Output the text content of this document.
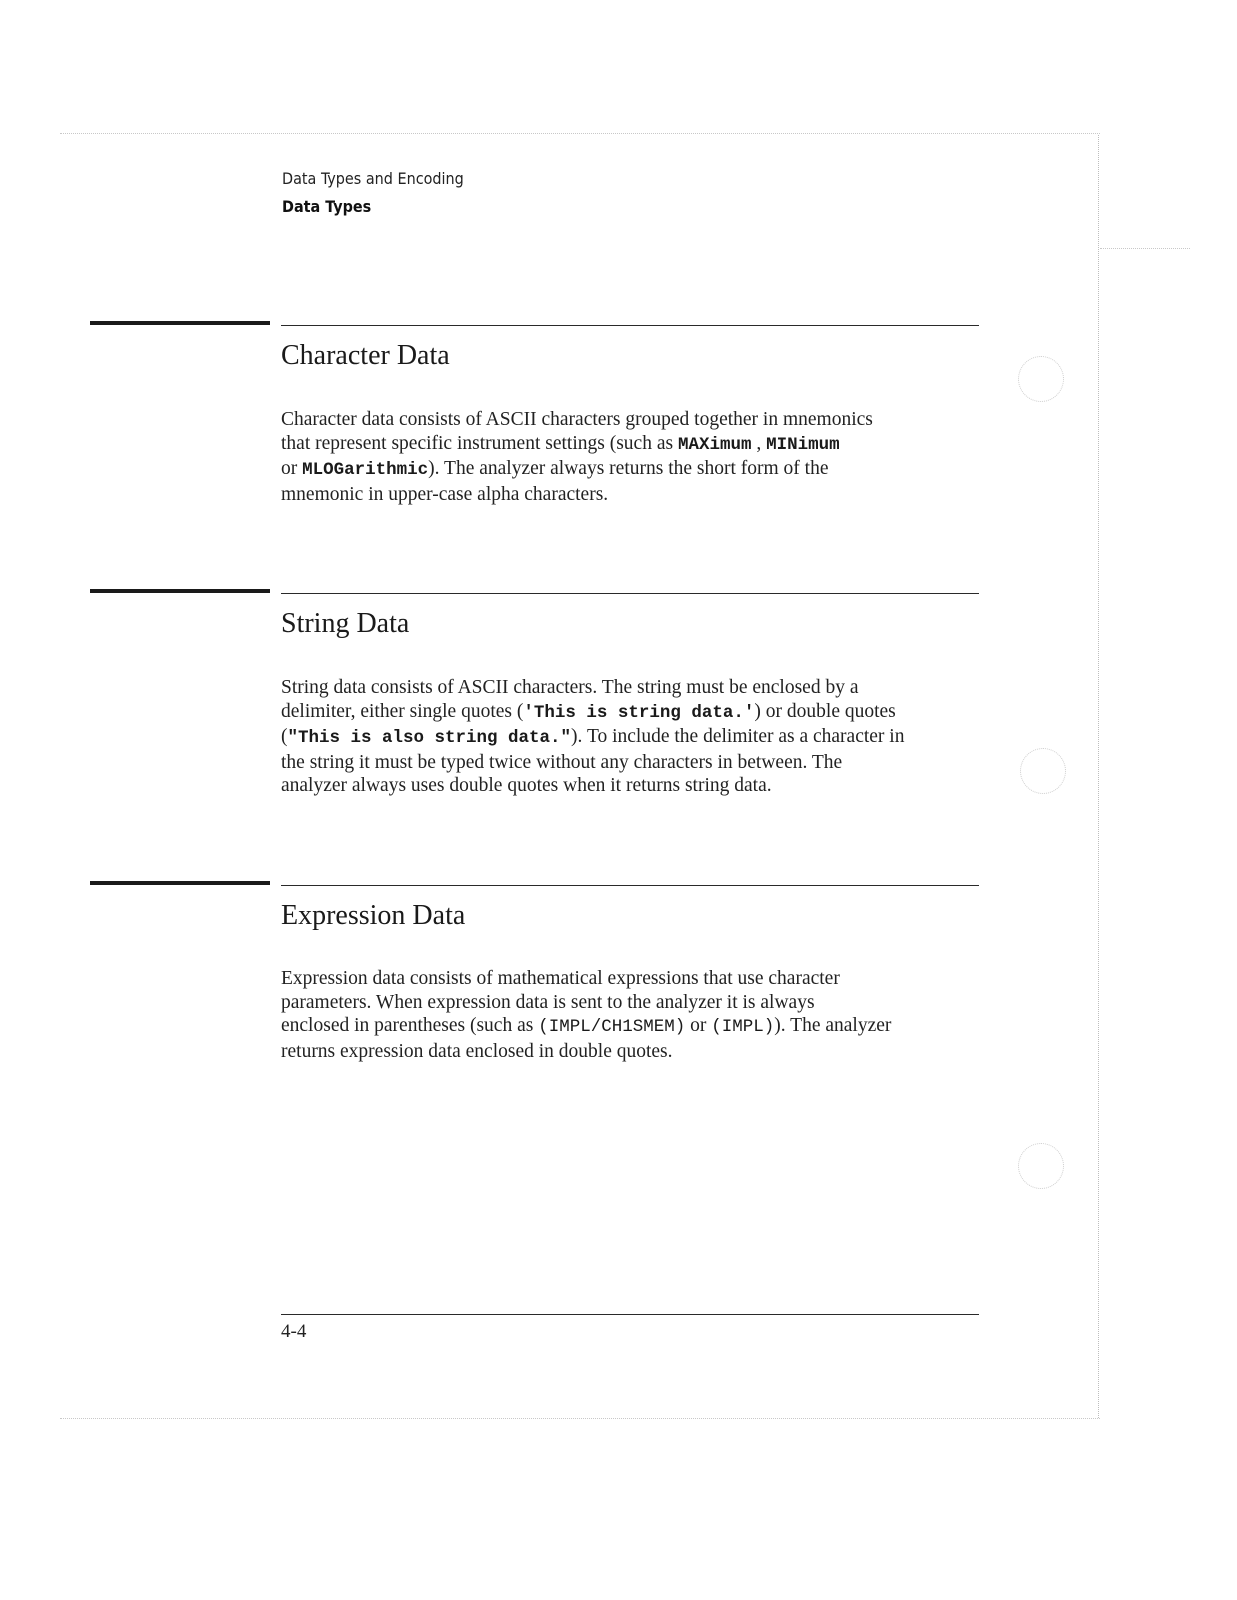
Data Types and Encoding
Data Types
Character Data
Character data consists of ASCII characters grouped together in mnemonics
that represent specific instrument settings (such as MAXimum , MINimum
or MLOGarithmic). The analyzer always returns the short form of the
mnemonic in upper-case alpha characters.
String Data
String data consists of ASCII characters. The string must be enclosed by a
delimiter, either single quotes ('This is string data.') or double quotes
("This is also string data."). To include the delimiter as a character in
the string it must be typed twice without any characters in between. The
analyzer always uses double quotes when it returns string data.
Expression Data
Expression data consists of mathematical expressions that use character
parameters. When expression data is sent to the analyzer it is always
enclosed in parentheses (such as (IMPL/CH1SMEM) or (IMPL)). The analyzer
returns expression data enclosed in double quotes.
4-4
